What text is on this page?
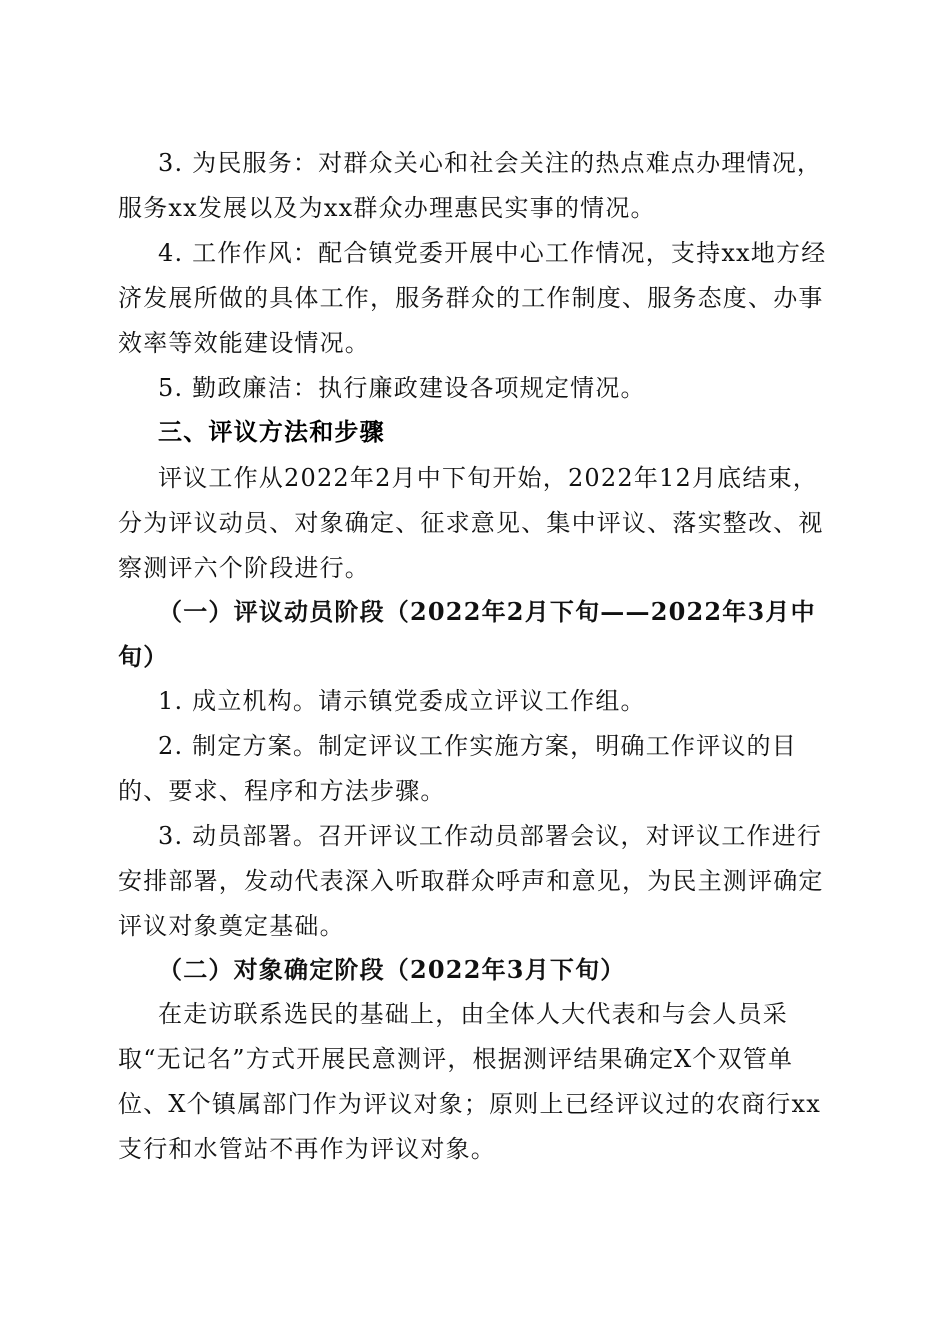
3. 为民服务：对群众关心和社会关注的热点难点办理情况，服务xx发展以及为xx群众办理惠民实事的情况。

4. 工作作风：配合镇党委开展中心工作情况，支持xx地方经济发展所做的具体工作，服务群众的工作制度、服务态度、办事效率等效能建设情况。

5. 勤政廉洁：执行廉政建设各项规定情况。

三、评议方法和步骤

评议工作从2022年2月中下旬开始，2022年12月底结束，分为评议动员、对象确定、征求意见、集中评议、落实整改、视察测评六个阶段进行。

（一）评议动员阶段（2022年2月下旬——2022年3月中旬）

1. 成立机构。请示镇党委成立评议工作组。

2. 制定方案。制定评议工作实施方案，明确工作评议的目的、要求、程序和方法步骤。

3. 动员部署。召开评议工作动员部署会议，对评议工作进行安排部署，发动代表深入听取群众呼声和意见，为民主测评确定评议对象奠定基础。

（二）对象确定阶段（2022年3月下旬）

在走访联系选民的基础上，由全体人大代表和与会人员采取“无记名”方式开展民意测评，根据测评结果确定X个双管单位、X个镇属部门作为评议对象；原则上已经评议过的农商行xx支行和水管站不再作为评议对象。
